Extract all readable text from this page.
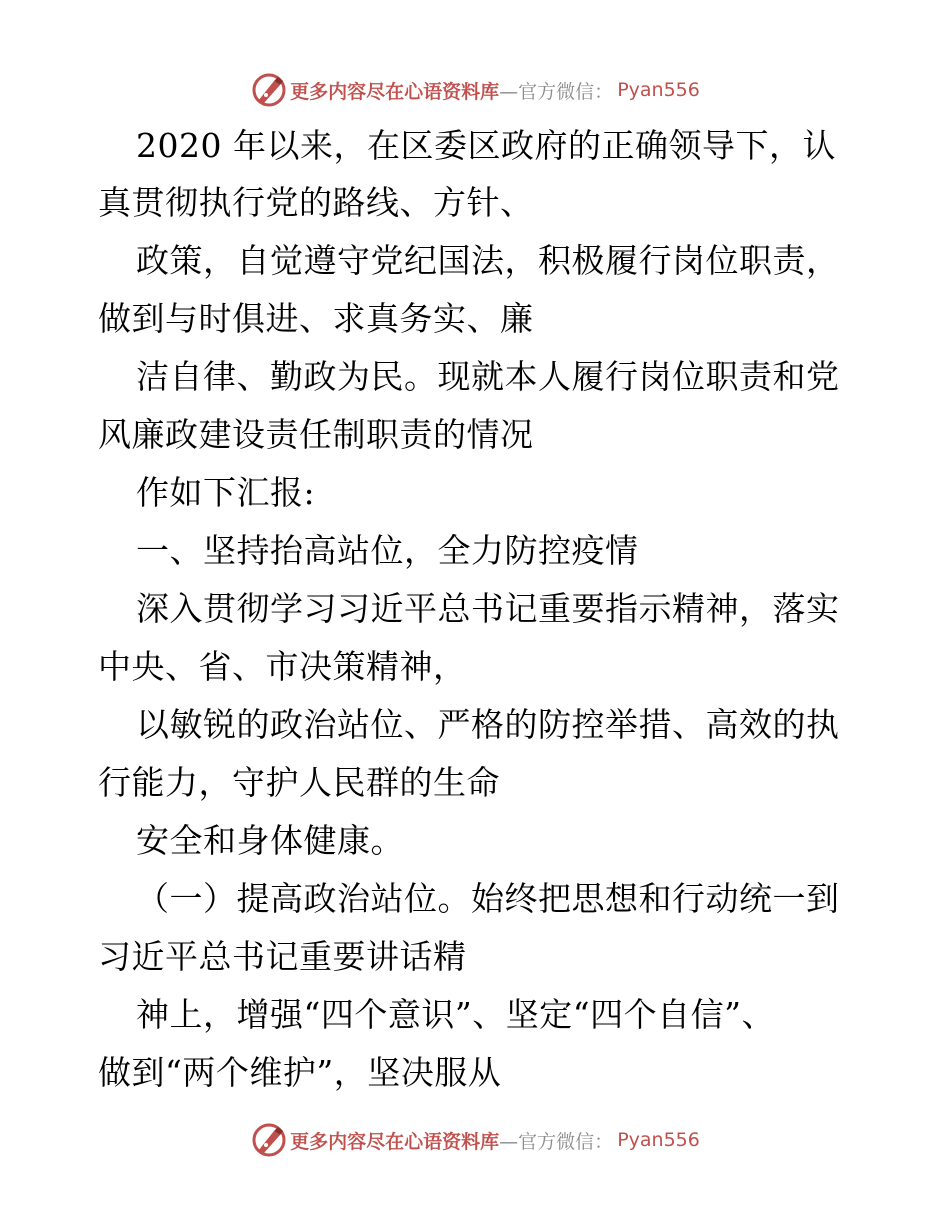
更多内容尽在心语资料库 —官方微信： Pyan556
2020 年以来，在区委区政府的正确领导下，认
真贯彻执行党的路线、方针、
政策，自觉遵守党纪国法，积极履行岗位职责，
做到与时俱进、求真务实、廉
洁自律、勤政为民。现就本人履行岗位职责和党
风廉政建设责任制职责的情况
作如下汇报:
一、坚持抬高站位，全力防控疫情
深入贯彻学习习近平总书记重要指示精神，落实
中央、省、市决策精神，
以敏锐的政治站位、严格的防控举措、高效的执
行能力，守护人民群的生命
安全和身体健康。
（一）提高政治站位。始终把思想和行动统一到
习近平总书记重要讲话精
神上，增强“四个意识”、坚定“四个自信”、
做到“两个维护”，坚决服从
更多内容尽在心语资料库 —官方微信： Pyan556
